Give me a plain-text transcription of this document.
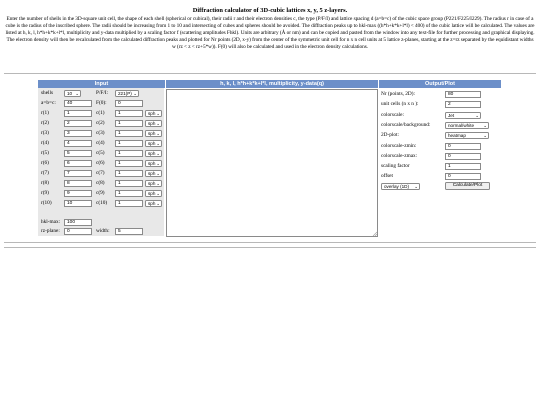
Diffraction calculator of 3D-cubic lattices x, y, 5 z-layers.
Enter the number of shells in the 3D-square unit cell, the shape of each shell (spherical or cubical), their radii r and their electron densities c, the type (P/F/I) and lattice spacing d (a=b=c) of the cubic space group (P221/F225/I229). The radius r in case of a cube is the radius of the inscribed sphere. The radii should be increasing from 1 to 10 and intersecting of cubes and spheres should be avoided. The diffraction peaks up to hkl-max ((h*h+k*k+l*l) < 400) of the cubic lattice will be calculated. The values are listed at h, k, l, h*h+k*k+l*l, multiplicity and y-data multiplied by a scaling factor f (scattering amplitudes Fhkl). Units are arbitrary (Å or nm) and can be copied and pasted from the window into any text-file for further processing and graphical displaying. The electron density will then be recalculated from the calculated diffraction peaks and plotted for Nr points (2D, x-y) from the center of the symmetric unit cell for n x n cell units at 5 lattice z-planes, starting at the z=rz separated by the equidistant widths w (rz < z < rz+5*w)). F(0) will also be calculated and used in the electron density calculations.
Input	h, k, l, h*h+k*k+l*l, multiplicity, y-data(q)	Output/Plot
shells	10 ⌄	P/F/I:	221(P) ⌄
a=b=c:	40	F(0):	0
r(1)	1	c(1)	1	sph ⌄
r(2)	2	c(2)	1	sph ⌄
r(3)	3	c(3)	1	sph ⌄
r(4)	4	c(4)	1	sph ⌄
r(5)	5	c(5)	1	sph ⌄
r(6)	6	c(6)	1	sph ⌄
r(7)	7	c(7)	1	sph ⌄
r(8)	8	c(8)	1	sph ⌄
r(9)	9	c(9)	1	sph ⌄
r(10)	10	c(10)	1	sph ⌄
hkl-max:	100
rz-plane:	0	width:	5
Nr (points, 2D):	80
unit cells (n x n ):	2
colorscale:	Jet	⌄
colorscale/background:	normal/white ⌄
2D-plot:	heatmap	⌄
colorscale-zmin:	0
colorscale-zmax:	0
scaling factor	1
offset	0
overlay (1D) ⌄	Calculate/Plot
